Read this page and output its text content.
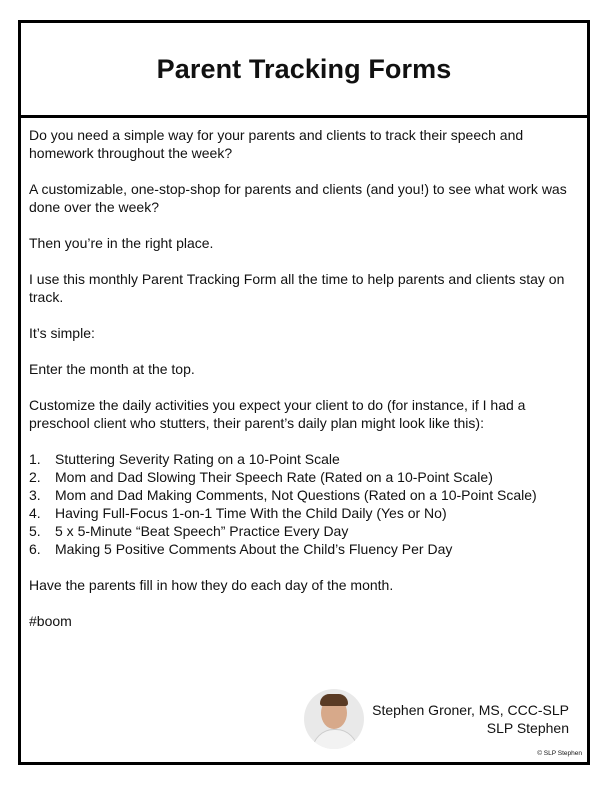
Parent Tracking Forms

Do you need a simple way for your parents and clients to track their speech and homework throughout the week?

A customizable, one-stop-shop for parents and clients (and you!) to see what work was done over the week?

Then you’re in the right place.

I use this monthly Parent Tracking Form all the time to help parents and clients stay on track.

It’s simple:

Enter the month at the top.

Customize the daily activities you expect your client to do (for instance, if I had a preschool client who stutters, their parent’s daily plan might look like this):

1.	Stuttering Severity Rating on a 10-Point Scale
2.	Mom and Dad Slowing Their Speech Rate (Rated on a 10-Point Scale)
3.	Mom and Dad Making Comments, Not Questions (Rated on a 10-Point Scale)
4.	Having Full-Focus 1-on-1 Time With the Child Daily (Yes or No)
5.	5 x 5-Minute “Beat Speech” Practice Every Day
6.	Making 5 Positive Comments About the Child’s Fluency Per Day

Have the parents fill in how they do each day of the month.

#boom

Stephen Groner, MS, CCC-SLP
SLP Stephen
© SLP Stephen
